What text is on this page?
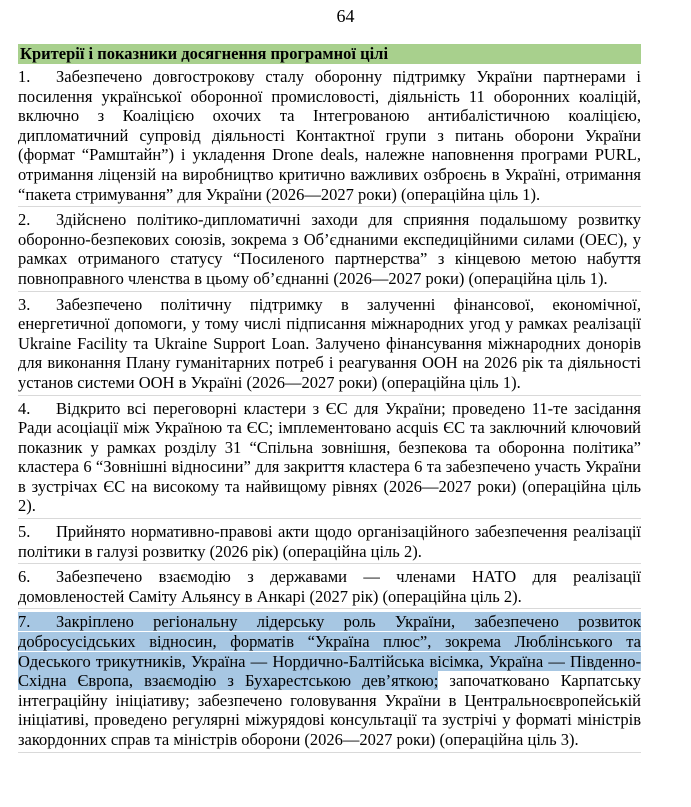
64
Критерії і показники досягнення програмної цілі
1. Забезпечено довгострокову сталу оборонну підтримку України партнерами і посилення української оборонної промисловості, діяльність 11 оборонних коаліцій, включно з Коаліцією охочих та Інтегрованою антибалістичною коаліцією, дипломатичний супровід діяльності Контактної групи з питань оборони України (формат “Рамштайн”) і укладення Drone deals, належне наповнення програми PURL, отримання ліцензій на виробництво критично важливих озброєнь в Україні, отримання “пакета стримування” для України (2026—2027 роки) (операційна ціль 1).
2. Здійснено політико-дипломатичні заходи для сприяння подальшому розвитку оборонно-безпекових союзів, зокрема з Об’єднаними експедиційними силами (ОЕС), у рамках отриманого статусу “Посиленого партнерства” з кінцевою метою набуття повноправного членства в цьому об’єднанні (2026—2027 роки) (операційна ціль 1).
3. Забезпечено політичну підтримку в залученні фінансової, економічної, енергетичної допомоги, у тому числі підписання міжнародних угод у рамках реалізації Ukraine Facility та Ukraine Support Loan. Залучено фінансування міжнародних донорів для виконання Плану гуманітарних потреб і реагування ООН на 2026 рік та діяльності установ системи ООН в Україні (2026—2027 роки) (операційна ціль 1).
4. Відкрито всі переговорні кластери з ЄС для України; проведено 11-те засідання Ради асоціації між Україною та ЄС; імплементовано acquis ЄС та заключний ключовий показник у рамках розділу 31 “Спільна зовнішня, безпекова та оборонна політика” кластера 6 “Зовнішні відносини” для закриття кластера 6 та забезпечено участь України в зустрічах ЄС на високому та найвищому рівнях (2026—2027 роки) (операційна ціль 2).
5. Прийнято нормативно-правові акти щодо організаційного забезпечення реалізації політики в галузі розвитку (2026 рік) (операційна ціль 2).
6. Забезпечено взаємодію з державами — членами НАТО для реалізації домовленостей Саміту Альянсу в Анкарі (2027 рік) (операційна ціль 2).
7. Закріплено регіональну лідерську роль України, забезпечено розвиток добросусідських відносин, форматів “Україна плюс”, зокрема Люблінського та Одеського трикутників, Україна — Нордично-Балтійська вісімка, Україна — Південно-Східна Європа, взаємодію з Бухарестською дев’яткою; започатковано Карпатську інтеграційну ініціативу; забезпечено головування України в Центральноєвропейській ініціативі, проведено регулярні міжурядові консультації та зустрічі у форматі міністрів закордонних справ та міністрів оборони (2026—2027 роки) (операційна ціль 3).
